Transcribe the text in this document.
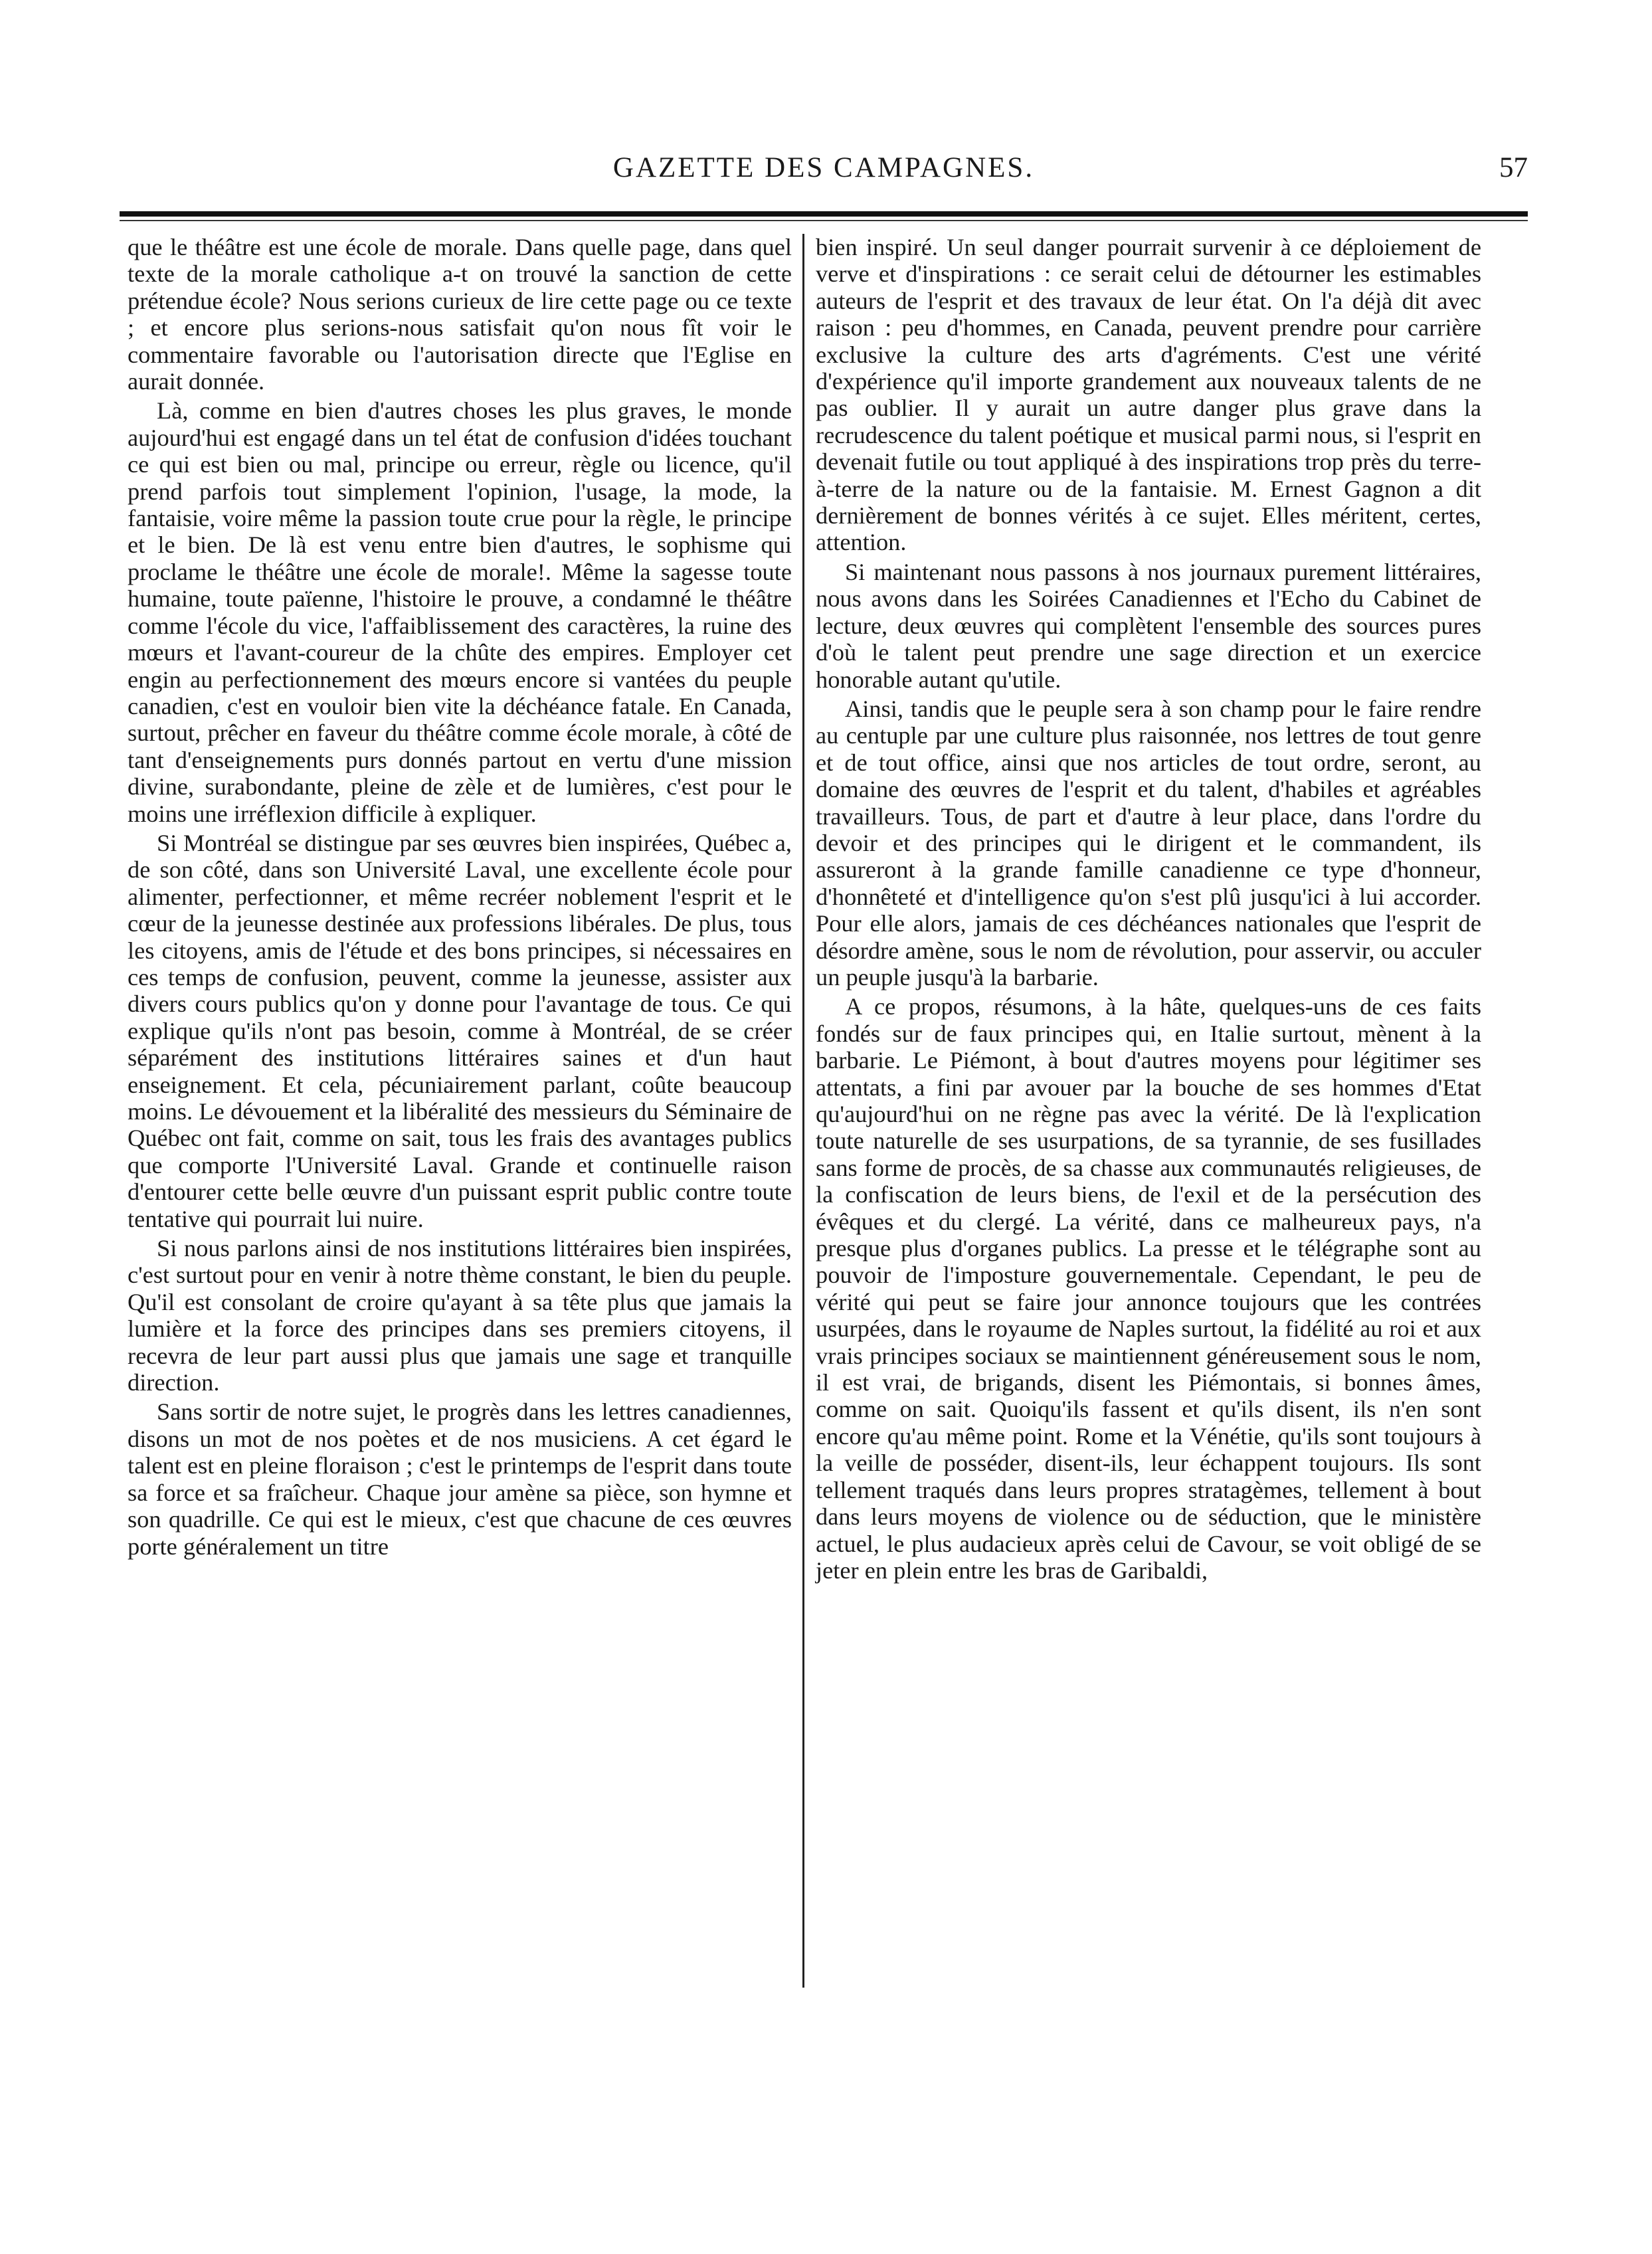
GAZETTE DES CAMPAGNES.	57

que le théâtre est une école de morale. Dans quelle page, dans quel texte de la morale catholique a-t on trouvé la sanction de cette prétendue école? Nous serions curieux de lire cette page ou ce texte ; et encore plus serions-nous satisfait qu'on nous fît voir le commentaire favorable ou l'autorisation directe que l'Eglise en aurait donnée.

Là, comme en bien d'autres choses les plus graves, le monde aujourd'hui est engagé dans un tel état de confusion d'idées touchant ce qui est bien ou mal, principe ou erreur, règle ou licence, qu'il prend parfois tout simplement l'opinion, l'usage, la mode, la fantaisie, voire même la passion toute crue pour la règle, le principe et le bien. De là est venu entre bien d'autres, le sophisme qui proclame le théâtre une école de morale!. Même la sagesse toute humaine, toute païenne, l'histoire le prouve, a condamné le théâtre comme l'école du vice, l'affaiblissement des caractères, la ruine des mœurs et l'avant-coureur de la chûte des empires. Employer cet engin au perfectionnement des mœurs encore si vantées du peuple canadien, c'est en vouloir bien vite la déchéance fatale. En Canada, surtout, prêcher en faveur du théâtre comme école morale, à côté de tant d'enseignements purs donnés partout en vertu d'une mission divine, surabondante, pleine de zèle et de lumières, c'est pour le moins une irréflexion difficile à expliquer.

Si Montréal se distingue par ses œuvres bien inspirées, Québec a, de son côté, dans son Université Laval, une excellente école pour alimenter, perfectionner, et même recréer noblement l'esprit et le cœur de la jeunesse destinée aux professions libérales. De plus, tous les citoyens, amis de l'étude et des bons principes, si nécessaires en ces temps de confusion, peuvent, comme la jeunesse, assister aux divers cours publics qu'on y donne pour l'avantage de tous. Ce qui explique qu'ils n'ont pas besoin, comme à Montréal, de se créer séparément des institutions littéraires saines et d'un haut enseignement. Et cela, pécuniairement parlant, coûte beaucoup moins. Le dévouement et la libéralité des messieurs du Séminaire de Québec ont fait, comme on sait, tous les frais des avantages publics que comporte l'Université Laval. Grande et continuelle raison d'entourer cette belle œuvre d'un puissant esprit public contre toute tentative qui pourrait lui nuire.

Si nous parlons ainsi de nos institutions littéraires bien inspirées, c'est surtout pour en venir à notre thème constant, le bien du peuple. Qu'il est consolant de croire qu'ayant à sa tête plus que jamais la lumière et la force des principes dans ses premiers citoyens, il recevra de leur part aussi plus que jamais une sage et tranquille direction.

Sans sortir de notre sujet, le progrès dans les lettres canadiennes, disons un mot de nos poètes et de nos musiciens. A cet égard le talent est en pleine floraison ; c'est le printemps de l'esprit dans toute sa force et sa fraîcheur. Chaque jour amène sa pièce, son hymne et son quadrille. Ce qui est le mieux, c'est que chacune de ces œuvres porte généralement un titre

bien inspiré. Un seul danger pourrait survenir à ce déploiement de verve et d'inspirations : ce serait celui de détourner les estimables auteurs de l'esprit et des travaux de leur état. On l'a déjà dit avec raison : peu d'hommes, en Canada, peuvent prendre pour carrière exclusive la culture des arts d'agréments. C'est une vérité d'expérience qu'il importe grandement aux nouveaux talents de ne pas oublier. Il y aurait un autre danger plus grave dans la recrudescence du talent poétique et musical parmi nous, si l'esprit en devenait futile ou tout appliqué à des inspirations trop près du terre-à-terre de la nature ou de la fantaisie. M. Ernest Gagnon a dit dernièrement de bonnes vérités à ce sujet. Elles méritent, certes, attention.

Si maintenant nous passons à nos journaux purement littéraires, nous avons dans les Soirées Canadiennes et l'Echo du Cabinet de lecture, deux œuvres qui complètent l'ensemble des sources pures d'où le talent peut prendre une sage direction et un exercice honorable autant qu'utile.

Ainsi, tandis que le peuple sera à son champ pour le faire rendre au centuple par une culture plus raisonnée, nos lettres de tout genre et de tout office, ainsi que nos articles de tout ordre, seront, au domaine des œuvres de l'esprit et du talent, d'habiles et agréables travailleurs. Tous, de part et d'autre à leur place, dans l'ordre du devoir et des principes qui le dirigent et le commandent, ils assureront à la grande famille canadienne ce type d'honneur, d'honnêteté et d'intelligence qu'on s'est plû jusqu'ici à lui accorder. Pour elle alors, jamais de ces déchéances nationales que l'esprit de désordre amène, sous le nom de révolution, pour asservir, ou acculer un peuple jusqu'à la barbarie.

A ce propos, résumons, à la hâte, quelques-uns de ces faits fondés sur de faux principes qui, en Italie surtout, mènent à la barbarie. Le Piémont, à bout d'autres moyens pour légitimer ses attentats, a fini par avouer par la bouche de ses hommes d'Etat qu'aujourd'hui on ne règne pas avec la vérité. De là l'explication toute naturelle de ses usurpations, de sa tyrannie, de ses fusillades sans forme de procès, de sa chasse aux communautés religieuses, de la confiscation de leurs biens, de l'exil et de la persécution des évêques et du clergé. La vérité, dans ce malheureux pays, n'a presque plus d'organes publics. La presse et le télégraphe sont au pouvoir de l'imposture gouvernementale. Cependant, le peu de vérité qui peut se faire jour annonce toujours que les contrées usurpées, dans le royaume de Naples surtout, la fidélité au roi et aux vrais principes sociaux se maintiennent généreusement sous le nom, il est vrai, de brigands, disent les Piémontais, si bonnes âmes, comme on sait. Quoiqu'ils fassent et qu'ils disent, ils n'en sont encore qu'au même point. Rome et la Vénétie, qu'ils sont toujours à la veille de posséder, disent-ils, leur échappent toujours. Ils sont tellement traqués dans leurs propres stratagèmes, tellement à bout dans leurs moyens de violence ou de séduction, que le ministère actuel, le plus audacieux après celui de Cavour, se voit obligé de se jeter en plein entre les bras de Garibaldi,
